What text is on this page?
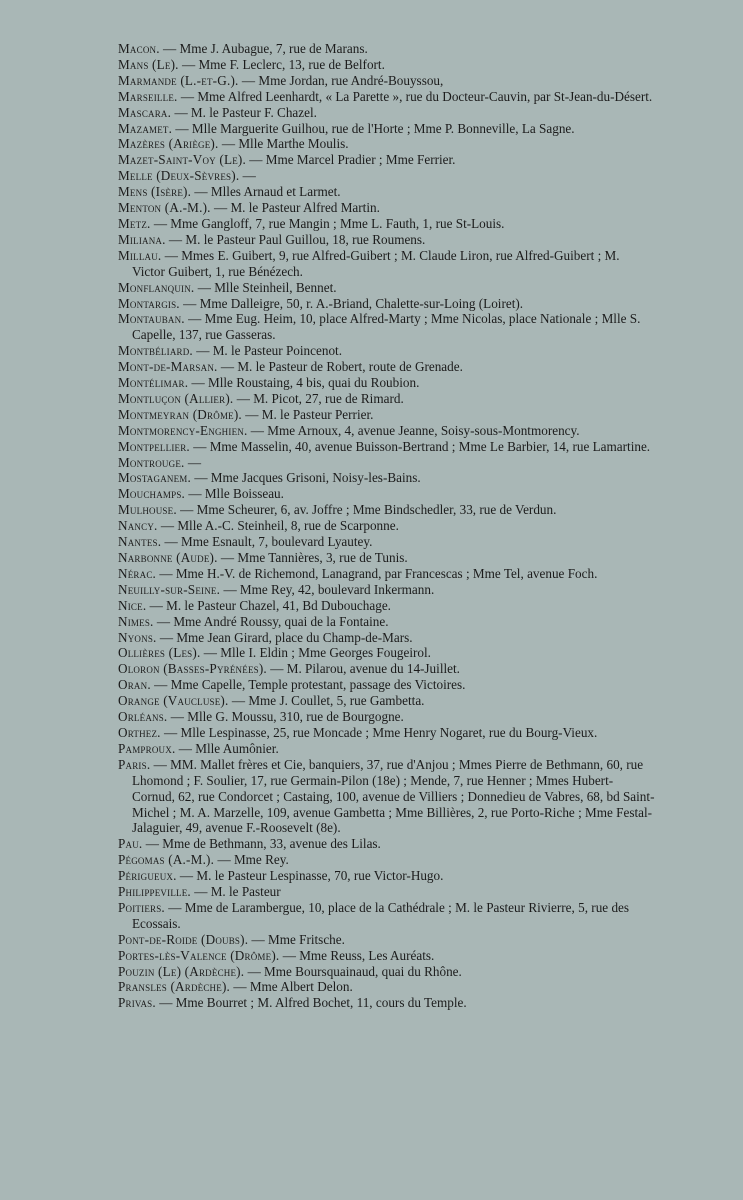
Macon. — Mme J. Aubague, 7, rue de Marans.

Mans (Le). — Mme F. Leclerc, 13, rue de Belfort.

Marmande (L.-et-G.). — Mme Jordan, rue André-Bouyssou,

Marseille. — Mme Alfred Leenhardt, « La Parette », rue du Docteur-Cauvin, par St-Jean-du-Désert.

Mascara. — M. le Pasteur F. Chazel.

Mazamet. — Mlle Marguerite Guilhou, rue de l'Horte ; Mme P. Bonneville, La Sagne.

Mazères (Ariège). — Mlle Marthe Moulis.

Mazet-Saint-Voy (Le). — Mme Marcel Pradier ; Mme Ferrier.

Melle (Deux-Sèvres). —

Mens (Isère). — Mlles Arnaud et Larmet.

Menton (A.-M.). — M. le Pasteur Alfred Martin.

Metz. — Mme Gangloff, 7, rue Mangin ; Mme L. Fauth, 1, rue St-Louis.

Miliana. — M. le Pasteur Paul Guillou, 18, rue Roumens.

Millau. — Mmes E. Guibert, 9, rue Alfred-Guibert ; M. Claude Liron, rue Alfred-Guibert ; M. Victor Guibert, 1, rue Bénézech.

Monflanquin. — Mlle Steinheil, Bennet.

Montargis. — Mme Dalleigre, 50, r. A.-Briand, Chalette-sur-Loing (Loiret).

Montauban. — Mme Eug. Heim, 10, place Alfred-Marty ; Mme Nicolas, place Nationale ; Mlle S. Capelle, 137, rue Gasseras.

Montbéliard. — M. le Pasteur Poincenot.

Mont-de-Marsan. — M. le Pasteur de Robert, route de Grenade.

Montélimar. — Mlle Roustaing, 4 bis, quai du Roubion.

Montluçon (Allier). — M. Picot, 27, rue de Rimard.

Montmeyran (Drôme). — M. le Pasteur Perrier.

Montmorency-Enghien. — Mme Arnoux, 4, avenue Jeanne, Soisy-sous-Montmorency.

Montpellier. — Mme Masselin, 40, avenue Buisson-Bertrand ; Mme Le Barbier, 14, rue Lamartine.

Montrouge. —

Mostaganem. — Mme Jacques Grisoni, Noisy-les-Bains.

Mouchamps. — Mlle Boisseau.

Mulhouse. — Mme Scheurer, 6, av. Joffre ; Mme Bindschedler, 33, rue de Verdun.

Nancy. — Mlle A.-C. Steinheil, 8, rue de Scarponne.

Nantes. — Mme Esnault, 7, boulevard Lyautey.

Narbonne (Aude). — Mme Tannières, 3, rue de Tunis.

Nérac. — Mme H.-V. de Richemond, Lanagrand, par Francescas ; Mme Tel, avenue Foch.

Neuilly-sur-Seine. — Mme Rey, 42, boulevard Inkermann.

Nice. — M. le Pasteur Chazel, 41, Bd Dubouchage.

Nimes. — Mme André Roussy, quai de la Fontaine.

Nyons. — Mme Jean Girard, place du Champ-de-Mars.

Ollières (Les). — Mlle I. Eldin ; Mme Georges Fougeirol.

Oloron (Basses-Pyrénées). — M. Pilarou, avenue du 14-Juillet.

Oran. — Mme Capelle, Temple protestant, passage des Victoires.

Orange (Vaucluse). — Mme J. Coullet, 5, rue Gambetta.

Orléans. — Mlle G. Moussu, 310, rue de Bourgogne.

Orthez. — Mlle Lespinasse, 25, rue Moncade ; Mme Henry Nogaret, rue du Bourg-Vieux.

Pamproux. — Mlle Aumônier.

Paris. — MM. Mallet frères et Cie, banquiers, 37, rue d'Anjou ; Mmes Pierre de Bethmann, 60, rue Lhomond ; F. Soulier, 17, rue Germain-Pilon (18e) ; Mende, 7, rue Henner ; Mmes Hubert-Cornud, 62, rue Condorcet ; Castaing, 100, avenue de Villiers ; Donnedieu de Vabres, 68, bd Saint-Michel ; M. A. Marzelle, 109, avenue Gambetta ; Mme Billières, 2, rue Porto-Riche ; Mme Festal-Jalaguier, 49, avenue F.-Roosevelt (8e).

Pau. — Mme de Bethmann, 33, avenue des Lilas.

Pégomas (A.-M.). — Mme Rey.

Périgueux. — M. le Pasteur Lespinasse, 70, rue Victor-Hugo.

Philippeville. — M. le Pasteur

Poitiers. — Mme de Larambergue, 10, place de la Cathédrale ; M. le Pasteur Rivierre, 5, rue des Ecossais.

Pont-de-Roide (Doubs). — Mme Fritsche.

Portes-lès-Valence (Drôme). — Mme Reuss, Les Auréats.

Pouzin (Le) (Ardèche). — Mme Boursquainaud, quai du Rhône.

Pransles (Ardèche). — Mme Albert Delon.

Privas. — Mme Bourret ; M. Alfred Bochet, 11, cours du Temple.
